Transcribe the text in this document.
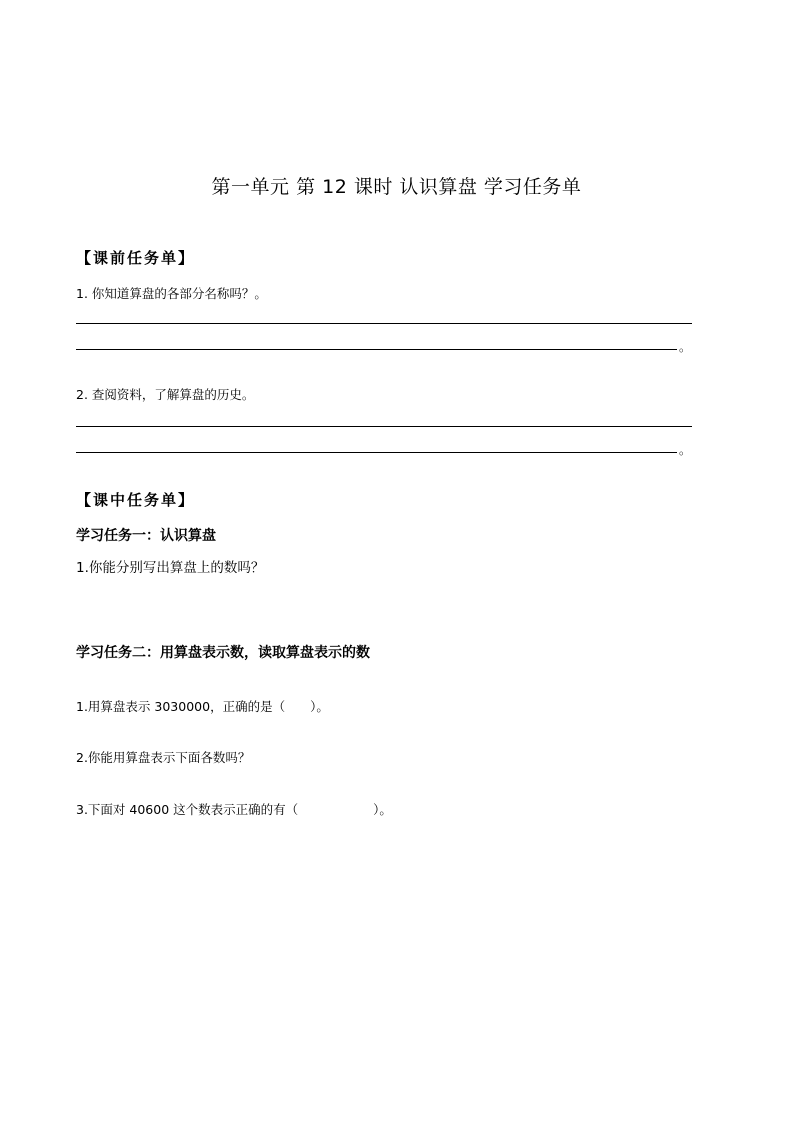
第一单元 第 12 课时 认识算盘 学习任务单
【课前任务单】
1. 你知道算盘的各部分名称吗？。
。
2. 查阅资料，了解算盘的历史。
。
【课中任务单】
学习任务一：认识算盘
1.你能分别写出算盘上的数吗？
学习任务二：用算盘表示数，读取算盘表示的数
1.用算盘表示 3030000，正确的是（　　）。
2.你能用算盘表示下面各数吗？
3.下面对 40600 这个数表示正确的有（　　　　　　）。
